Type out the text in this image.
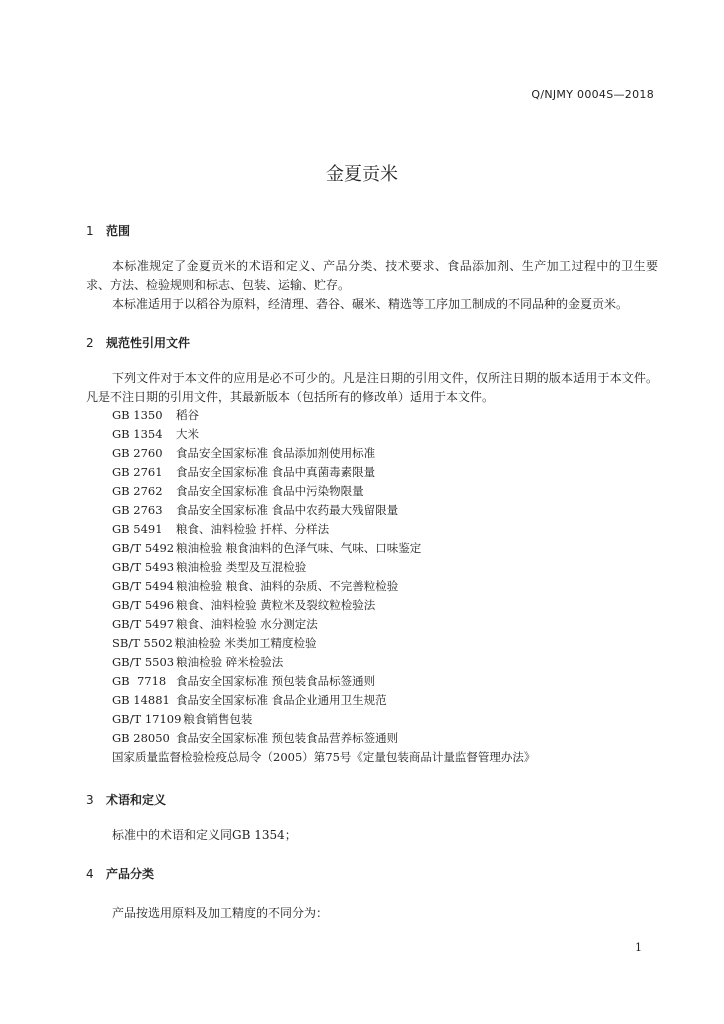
Q/NJMY 0004S—2018
金夏贡米
1 范围

本标准规定了金夏贡米的术语和定义、产品分类、技术要求、食品添加剂、生产加工过程中的卫生要求、方法、检验规则和标志、包装、运输、贮存。

本标准适用于以稻谷为原料，经清理、砻谷、碾米、精选等工序加工制成的不同品种的金夏贡米。

2 规范性引用文件

下列文件对于本文件的应用是必不可少的。凡是注日期的引用文件，仅所注日期的版本适用于本文件。凡是不注日期的引用文件，其最新版本（包括所有的修改单）适用于本文件。

GB 1350 稻谷
GB 1354 大米
GB 2760 食品安全国家标准 食品添加剂使用标准
GB 2761 食品安全国家标准 食品中真菌毒素限量
GB 2762 食品安全国家标准 食品中污染物限量
GB 2763 食品安全国家标准 食品中农药最大残留限量
GB 5491 粮食、油料检验 扦样、分样法
GB/T 5492 粮油检验 粮食油料的色泽气味、气味、口味鉴定
GB/T 5493 粮油检验 类型及互混检验
GB/T 5494 粮油检验 粮食、油料的杂质、不完善粒检验
GB/T 5496 粮食、油料检验 黄粒米及裂纹粒检验法
GB/T 5497 粮食、油料检验 水分测定法
SB/T 5502 粮油检验 米类加工精度检验
GB/T 5503 粮油检验 碎米检验法
GB  7718 食品安全国家标准 预包装食品标签通则
GB 14881 食品安全国家标准 食品企业通用卫生规范
GB/T 17109 粮食销售包装
GB 28050 食品安全国家标准 预包装食品营养标签通则
国家质量监督检验检疫总局令（2005）第75号《定量包装商品计量监督管理办法》
3 术语和定义
标准中的术语和定义同GB 1354；
4 产品分类
产品按选用原料及加工精度的不同分为：
1
